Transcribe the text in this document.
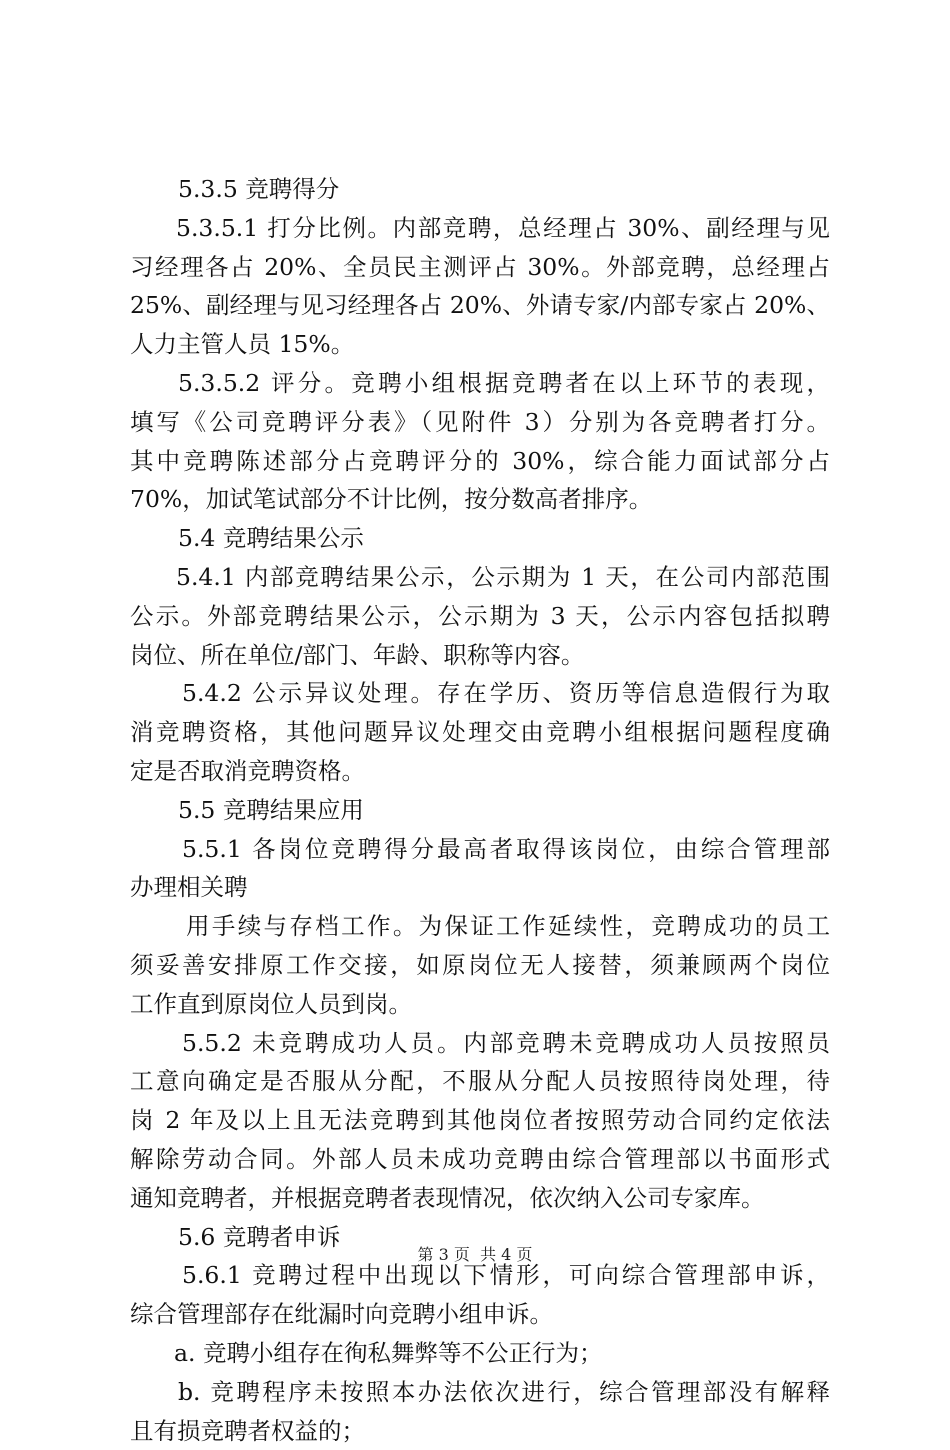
5.3.5 竞聘得分
5.3.5.1 打分比例。内部竞聘，总经理占 30%、副经理与见
习经理各占 20%、全员民主测评占 30%。外部竞聘，总经理占
25%、副经理与见习经理各占 20%、外请专家/内部专家占 20%、
人力主管人员 15%。
5.3.5.2 评分。竞聘小组根据竞聘者在以上环节的表现，
填写《公司竞聘评分表》（见附件 3）分别为各竞聘者打分。
其中竞聘陈述部分占竞聘评分的 30%，综合能力面试部分占
70%，加试笔试部分不计比例，按分数高者排序。
5.4 竞聘结果公示
5.4.1 内部竞聘结果公示，公示期为 1 天，在公司内部范围
公示。外部竞聘结果公示，公示期为 3 天，公示内容包括拟聘
岗位、所在单位/部门、年龄、职称等内容。
5.4.2 公示异议处理。存在学历、资历等信息造假行为取
消竞聘资格，其他问题异议处理交由竞聘小组根据问题程度确
定是否取消竞聘资格。
5.5 竞聘结果应用
5.5.1 各岗位竞聘得分最高者取得该岗位，由综合管理部
办理相关聘
用手续与存档工作。为保证工作延续性，竞聘成功的员工
须妥善安排原工作交接，如原岗位无人接替，须兼顾两个岗位
工作直到原岗位人员到岗。
5.5.2 未竞聘成功人员。内部竞聘未竞聘成功人员按照员
工意向确定是否服从分配，不服从分配人员按照待岗处理，待
岗 2 年及以上且无法竞聘到其他岗位者按照劳动合同约定依法
解除劳动合同。外部人员未成功竞聘由综合管理部以书面形式
通知竞聘者，并根据竞聘者表现情况，依次纳入公司专家库。
5.6 竞聘者申诉
5.6.1 竞聘过程中出现以下情形，可向综合管理部申诉，
综合管理部存在纰漏时向竞聘小组申诉。
a. 竞聘小组存在徇私舞弊等不公正行为；
b. 竞聘程序未按照本办法依次进行，综合管理部没有解释
且有损竞聘者权益的；
第 3 页  共 4 页
